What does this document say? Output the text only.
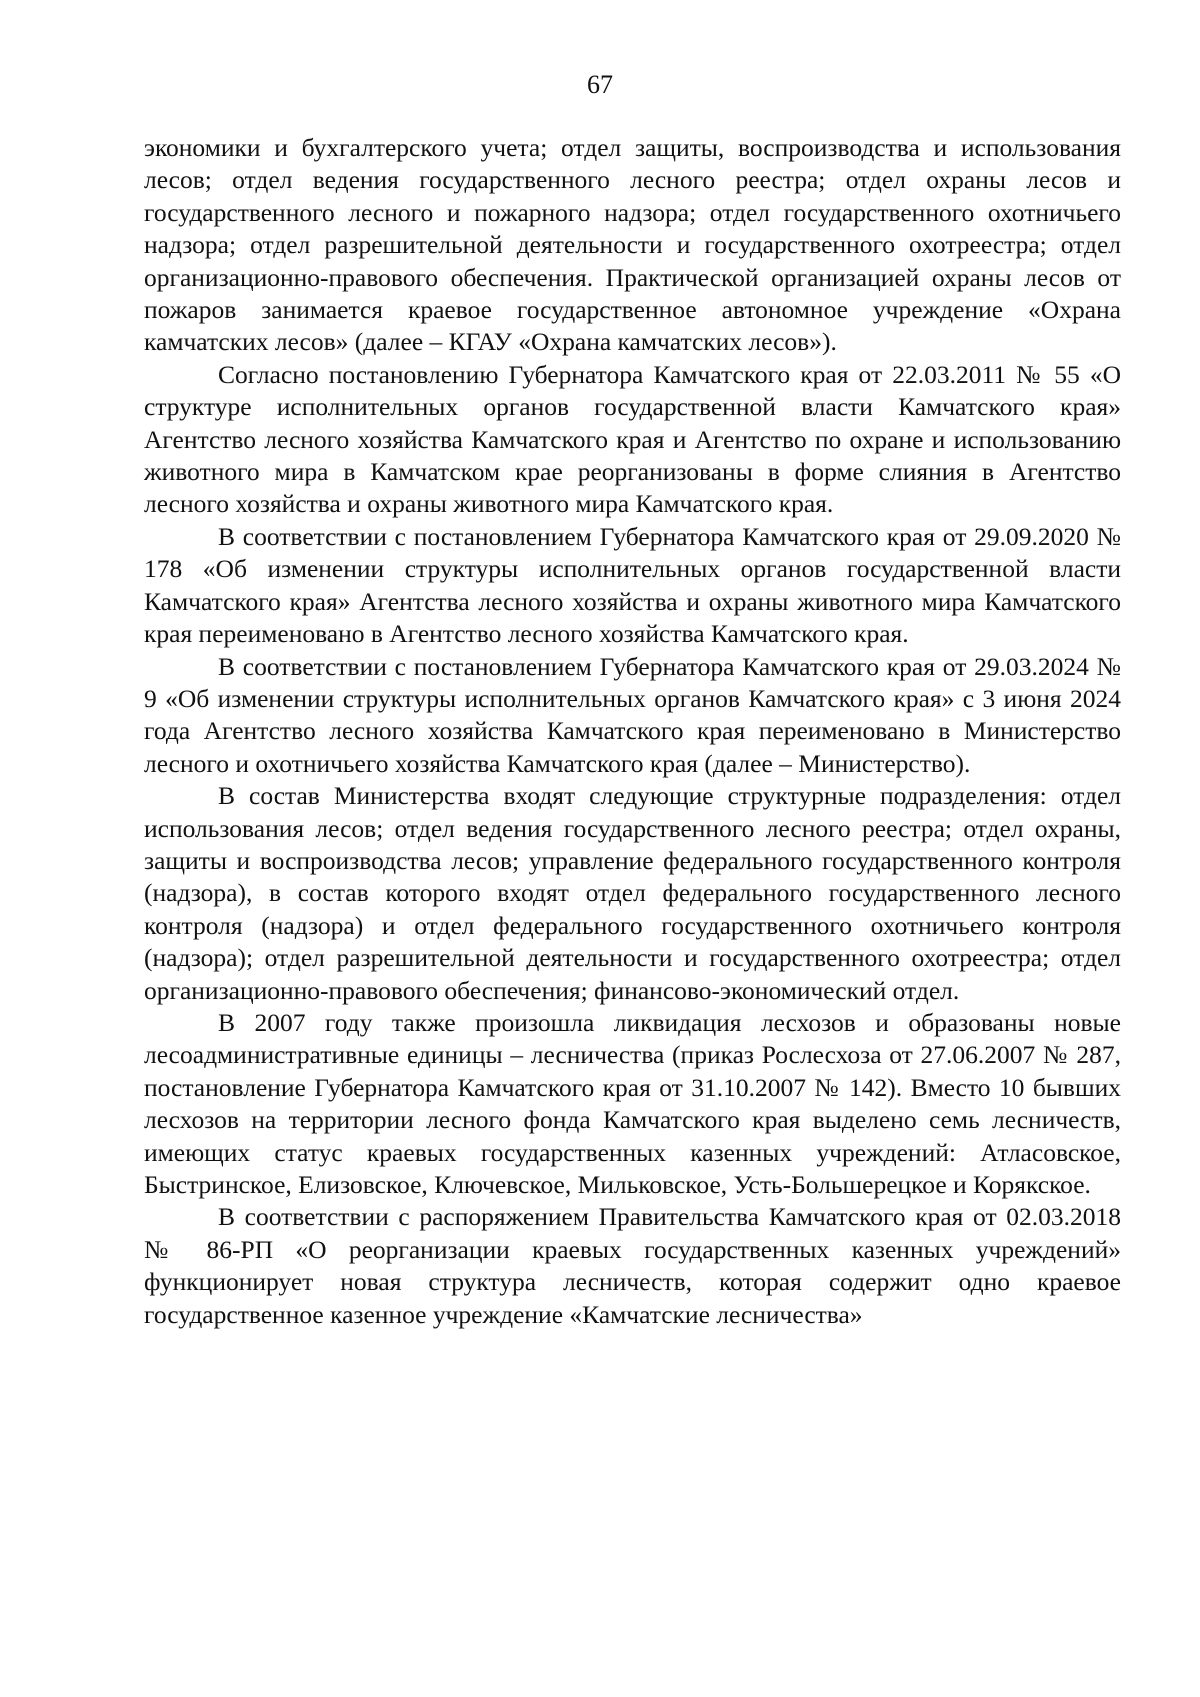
67

экономики и бухгалтерского учета; отдел защиты, воспроизводства и использования лесов; отдел ведения государственного лесного реестра; отдел охраны лесов и государственного лесного и пожарного надзора; отдел государственного охотничьего надзора; отдел разрешительной деятельности и государственного охотреестра; отдел организационно-правового обеспечения. Практической организацией охраны лесов от пожаров занимается краевое государственное автономное учреждение «Охрана камчатских лесов» (далее – КГАУ «Охрана камчатских лесов»).

Согласно постановлению Губернатора Камчатского края от 22.03.2011 № 55 «О структуре исполнительных органов государственной власти Камчатского края» Агентство лесного хозяйства Камчатского края и Агентство по охране и использованию животного мира в Камчатском крае реорганизованы в форме слияния в Агентство лесного хозяйства и охраны животного мира Камчатского края.

В соответствии с постановлением Губернатора Камчатского края от 29.09.2020 № 178 «Об изменении структуры исполнительных органов государственной власти Камчатского края» Агентства лесного хозяйства и охраны животного мира Камчатского края переименовано в Агентство лесного хозяйства Камчатского края.

В соответствии с постановлением Губернатора Камчатского края от 29.03.2024 № 9 «Об изменении структуры исполнительных органов Камчатского края» с 3 июня 2024 года Агентство лесного хозяйства Камчатского края переименовано в Министерство лесного и охотничьего хозяйства Камчатского края (далее – Министерство).

В состав Министерства входят следующие структурные подразделения: отдел использования лесов; отдел ведения государственного лесного реестра; отдел охраны, защиты и воспроизводства лесов; управление федерального государственного контроля (надзора), в состав которого входят отдел федерального государственного лесного контроля (надзора) и отдел федерального государственного охотничьего контроля (надзора); отдел разрешительной деятельности и государственного охотреестра; отдел организационно-правового обеспечения; финансово-экономический отдел.

В 2007 году также произошла ликвидация лесхозов и образованы новые лесоадминистративные единицы – лесничества (приказ Рослесхоза от 27.06.2007 № 287, постановление Губернатора Камчатского края от 31.10.2007 № 142). Вместо 10 бывших лесхозов на территории лесного фонда Камчатского края выделено семь лесничеств, имеющих статус краевых государственных казенных учреждений: Атласовское, Быстринское, Елизовское, Ключевское, Мильковское, Усть-Большерецкое и Корякское.

В соответствии с распоряжением Правительства Камчатского края от 02.03.2018 № 86-РП «О реорганизации краевых государственных казенных учреждений» функционирует новая структура лесничеств, которая содержит одно краевое государственное казенное учреждение «Камчатские лесничества»
